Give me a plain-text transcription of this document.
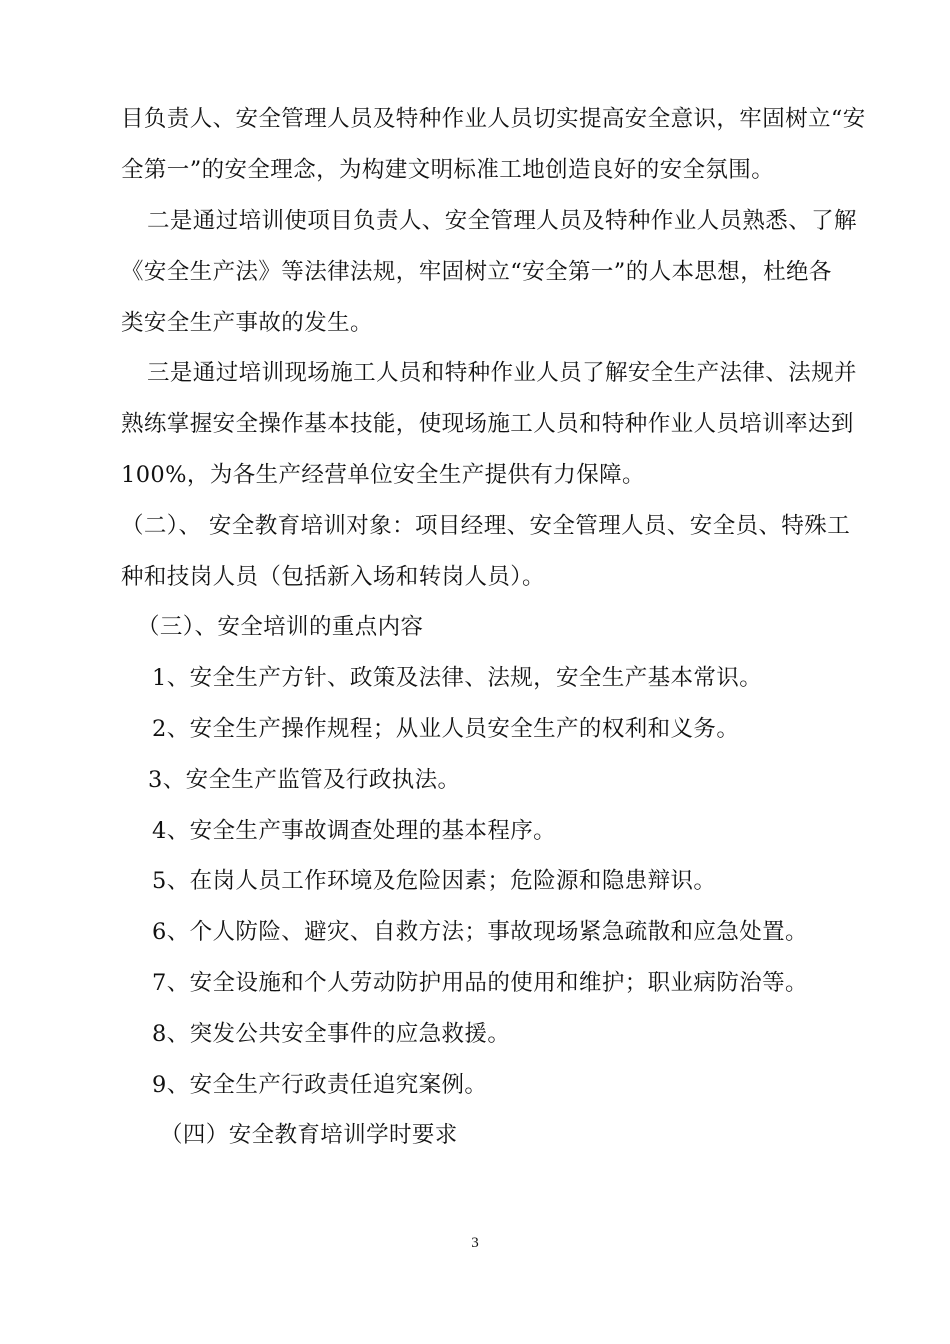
目负责人、安全管理人员及特种作业人员切实提高安全意识，牢固树立“安
全第一”的安全理念，为构建文明标准工地创造良好的安全氛围。
二是通过培训使项目负责人、安全管理人员及特种作业人员熟悉、了解
《安全生产法》等法律法规，牢固树立“安全第一”的人本思想，杜绝各
类安全生产事故的发生。
三是通过培训现场施工人员和特种作业人员了解安全生产法律、法规并
熟练掌握安全操作基本技能，使现场施工人员和特种作业人员培训率达到
100%，为各生产经营单位安全生产提供有力保障。
（二）、 安全教育培训对象：项目经理、安全管理人员、安全员、特殊工
种和技岗人员（包括新入场和转岗人员）。
（三）、安全培训的重点内容
1、安全生产方针、政策及法律、法规，安全生产基本常识。
2、安全生产操作规程；从业人员安全生产的权利和义务。
3、安全生产监管及行政执法。
4、安全生产事故调查处理的基本程序。
5、在岗人员工作环境及危险因素；危险源和隐患辩识。
6、个人防险、避灾、自救方法；事故现场紧急疏散和应急处置。
7、安全设施和个人劳动防护用品的使用和维护；职业病防治等。
8、突发公共安全事件的应急救援。
9、安全生产行政责任追究案例。
（四）安全教育培训学时要求
3
